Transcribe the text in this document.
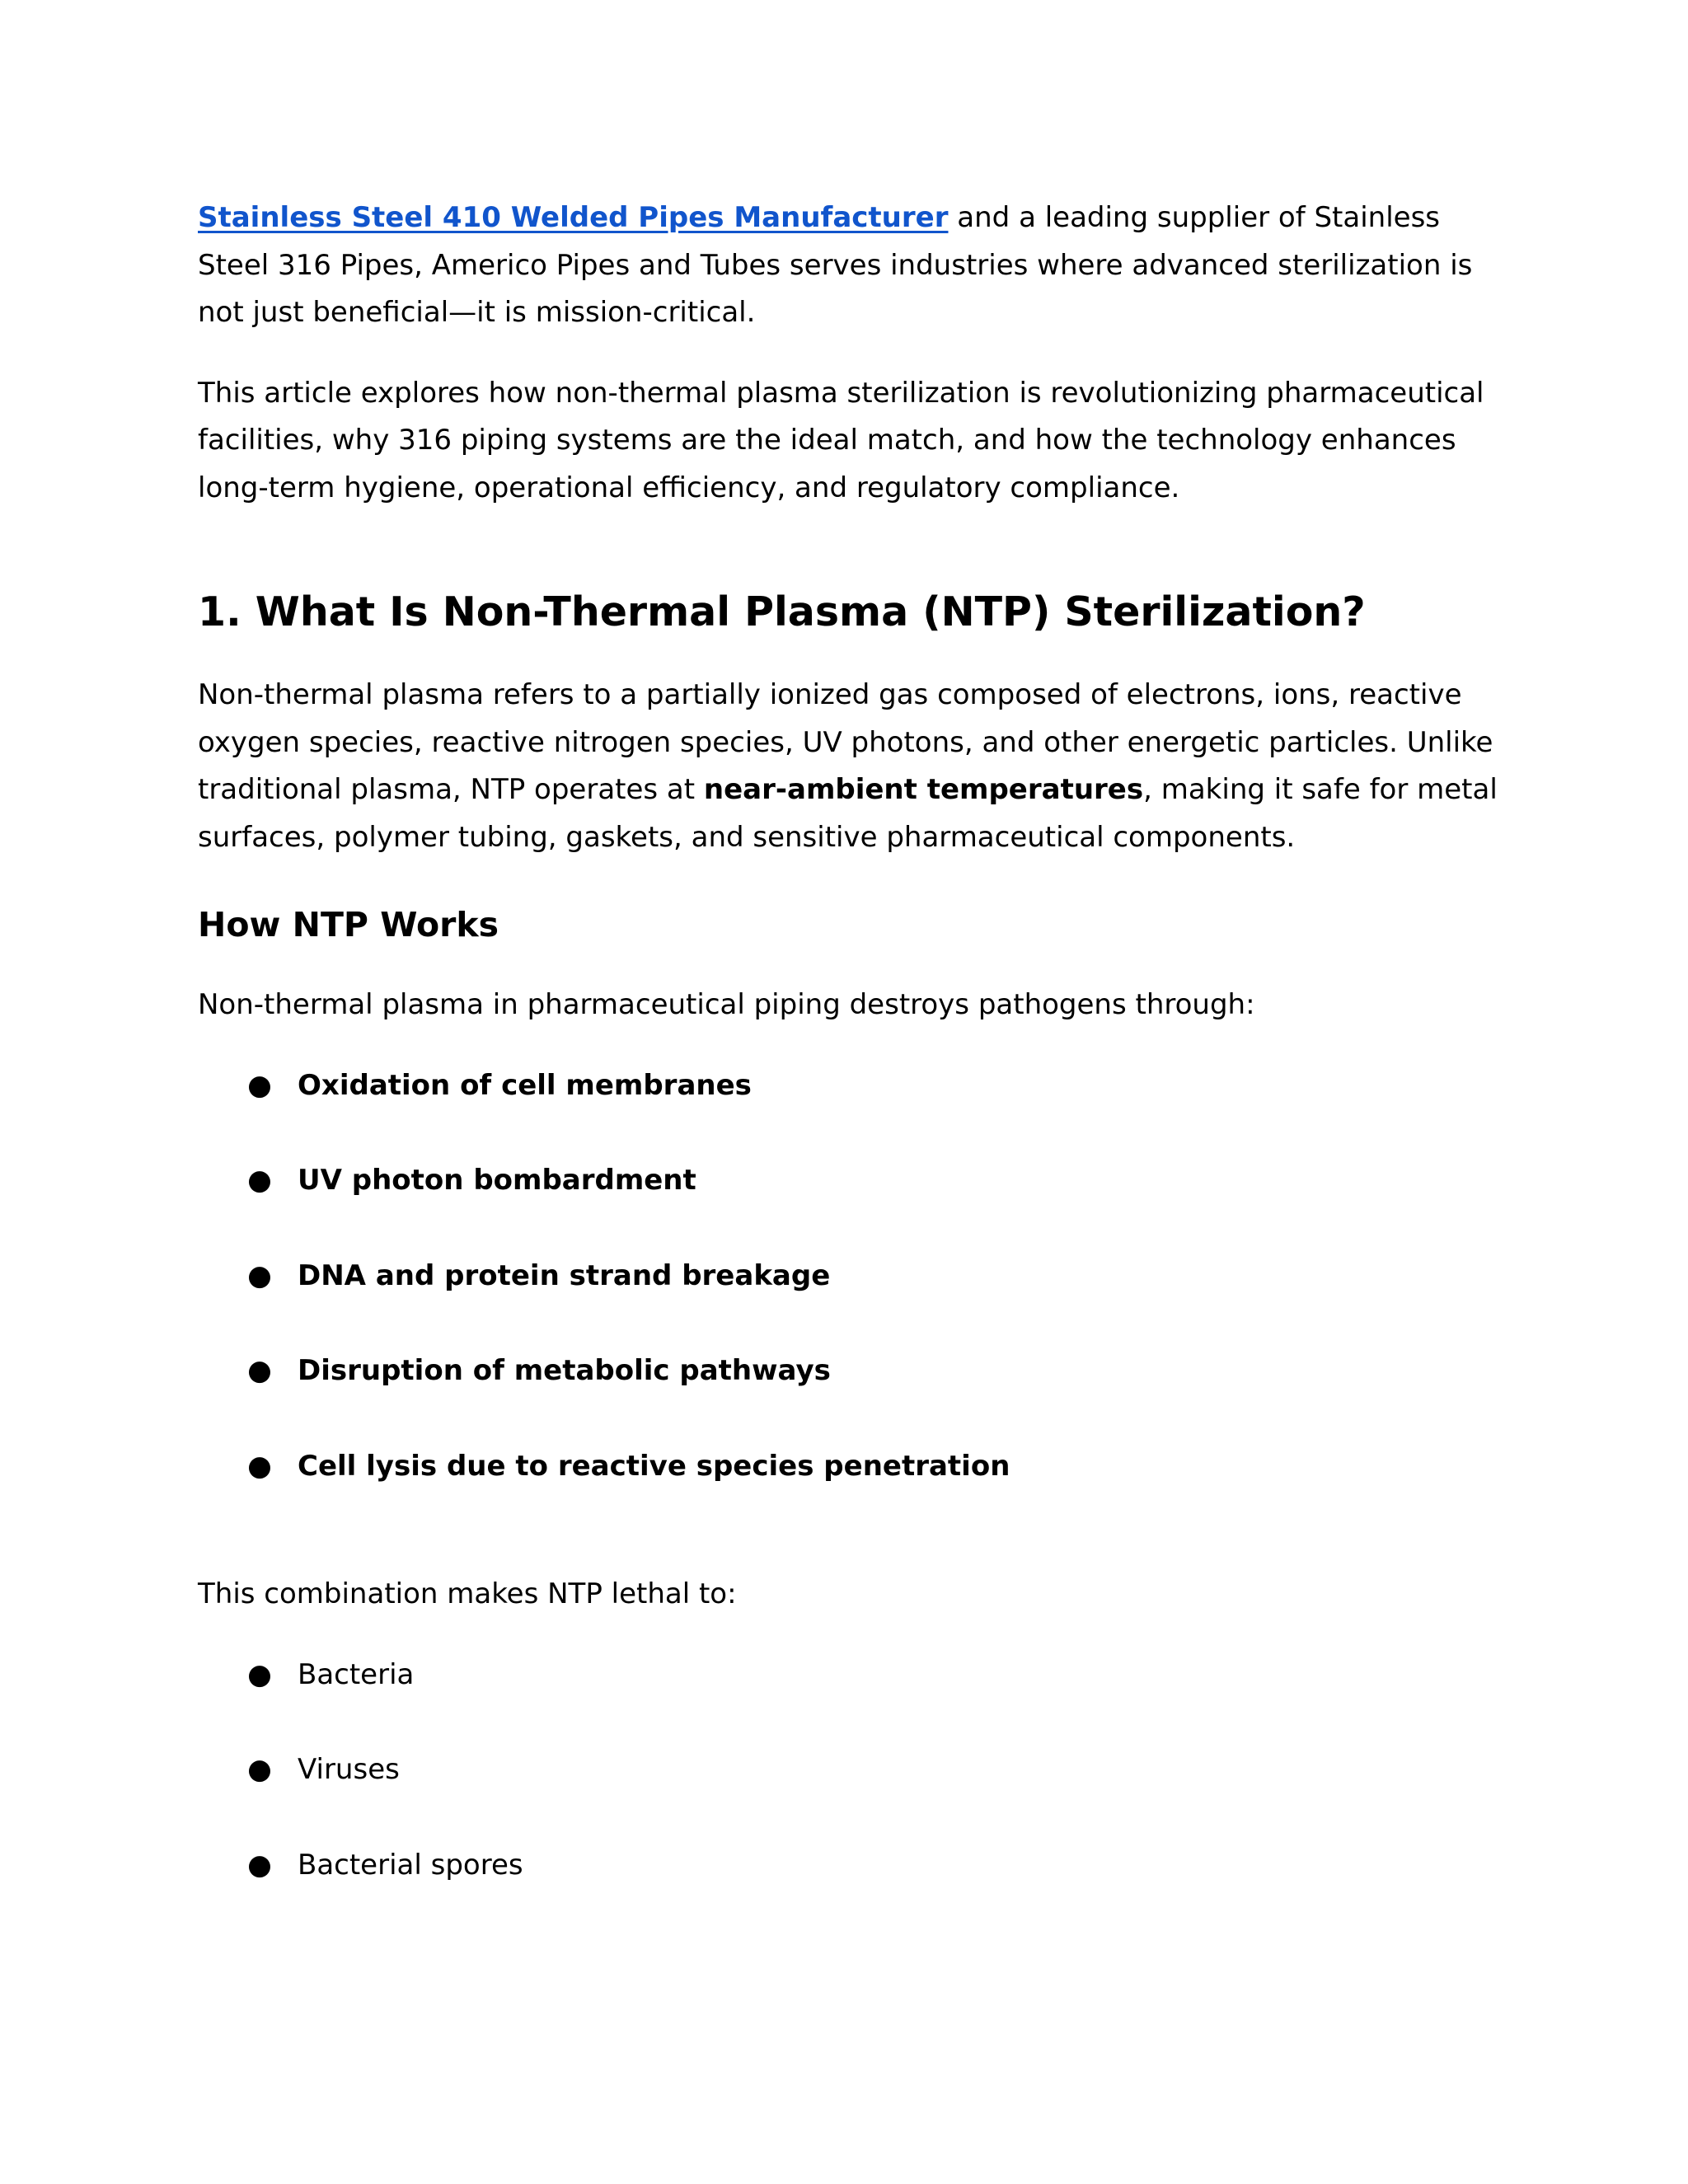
Stainless Steel 410 Welded Pipes Manufacturer and a leading supplier of Stainless Steel 316 Pipes, Americo Pipes and Tubes serves industries where advanced sterilization is not just beneficial—it is mission-critical.

This article explores how non-thermal plasma sterilization is revolutionizing pharmaceutical facilities, why 316 piping systems are the ideal match, and how the technology enhances long-term hygiene, operational efficiency, and regulatory compliance.

1. What Is Non-Thermal Plasma (NTP) Sterilization?

Non-thermal plasma refers to a partially ionized gas composed of electrons, ions, reactive oxygen species, reactive nitrogen species, UV photons, and other energetic particles. Unlike traditional plasma, NTP operates at near-ambient temperatures, making it safe for metal surfaces, polymer tubing, gaskets, and sensitive pharmaceutical components.

How NTP Works

Non-thermal plasma in pharmaceutical piping destroys pathogens through:

● Oxidation of cell membranes
● UV photon bombardment
● DNA and protein strand breakage
● Disruption of metabolic pathways
● Cell lysis due to reactive species penetration

This combination makes NTP lethal to:

● Bacteria
● Viruses
● Bacterial spores
